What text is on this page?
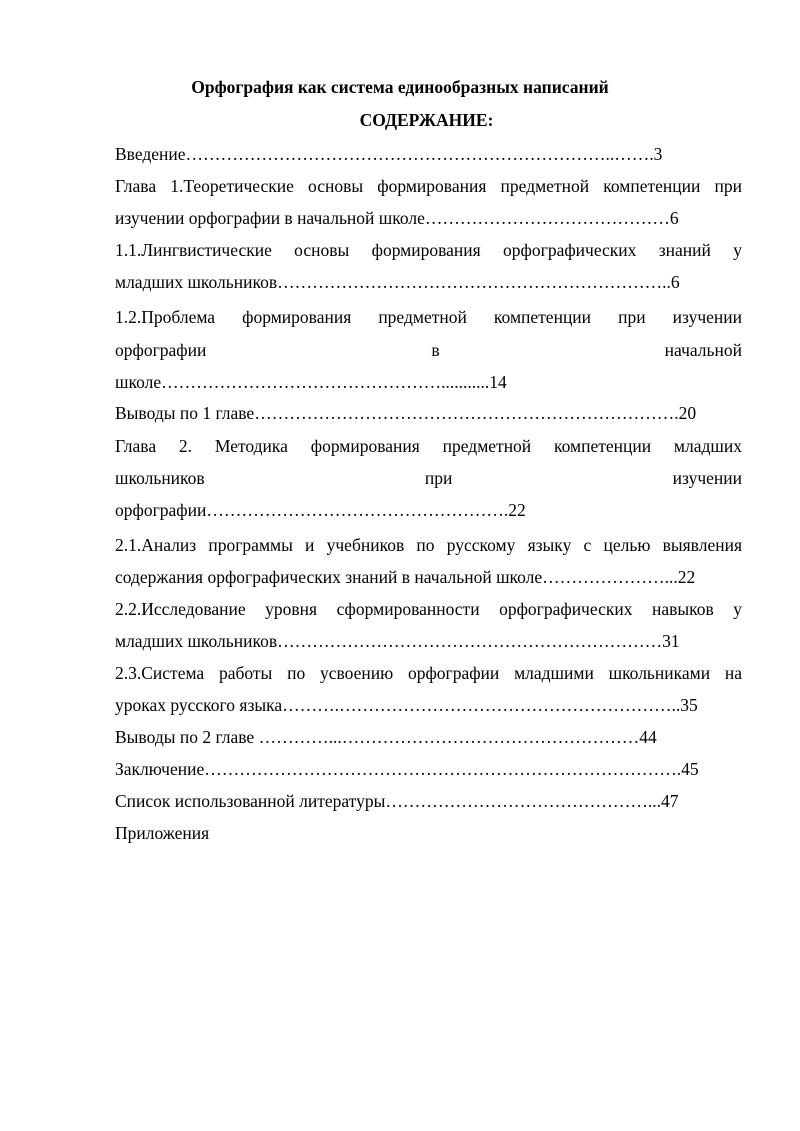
Орфография как система единообразных написаний
СОДЕРЖАНИЕ:
Введение………………………………………………………………..…….3
Глава 1.Теоретические основы формирования предметной компетенции при
изучении орфографии в начальной школе……………………………………6
1.1.Лингвистические основы формирования орфографических знаний у
младших школьников…………………………………………………………..6
1.2.Проблема формирования предметной компетенции при изучении
орфографии в начальной
школе…………………………………………...........14
Выводы по 1 главе……………………………………………………………….20
Глава 2. Методика формирования предметной компетенции младших
школьников при изучении
орфографии…………………………………………….22
2.1.Анализ программы и учебников по русскому языку с целью выявления
содержания орфографических знаний в начальной школе…………………...22
2.2.Исследование уровня сформированности орфографических навыков у
младших школьников…………………………………………………………31
2.3.Система работы по усвоению орфографии младшими школьниками на
уроках русского языка……….…………………………………………………..35
Выводы по 2 главе …………...……………………………………………44
Заключение……………………………………………………………………….45
Список использованной литературы………………………………………...47
Приложения
